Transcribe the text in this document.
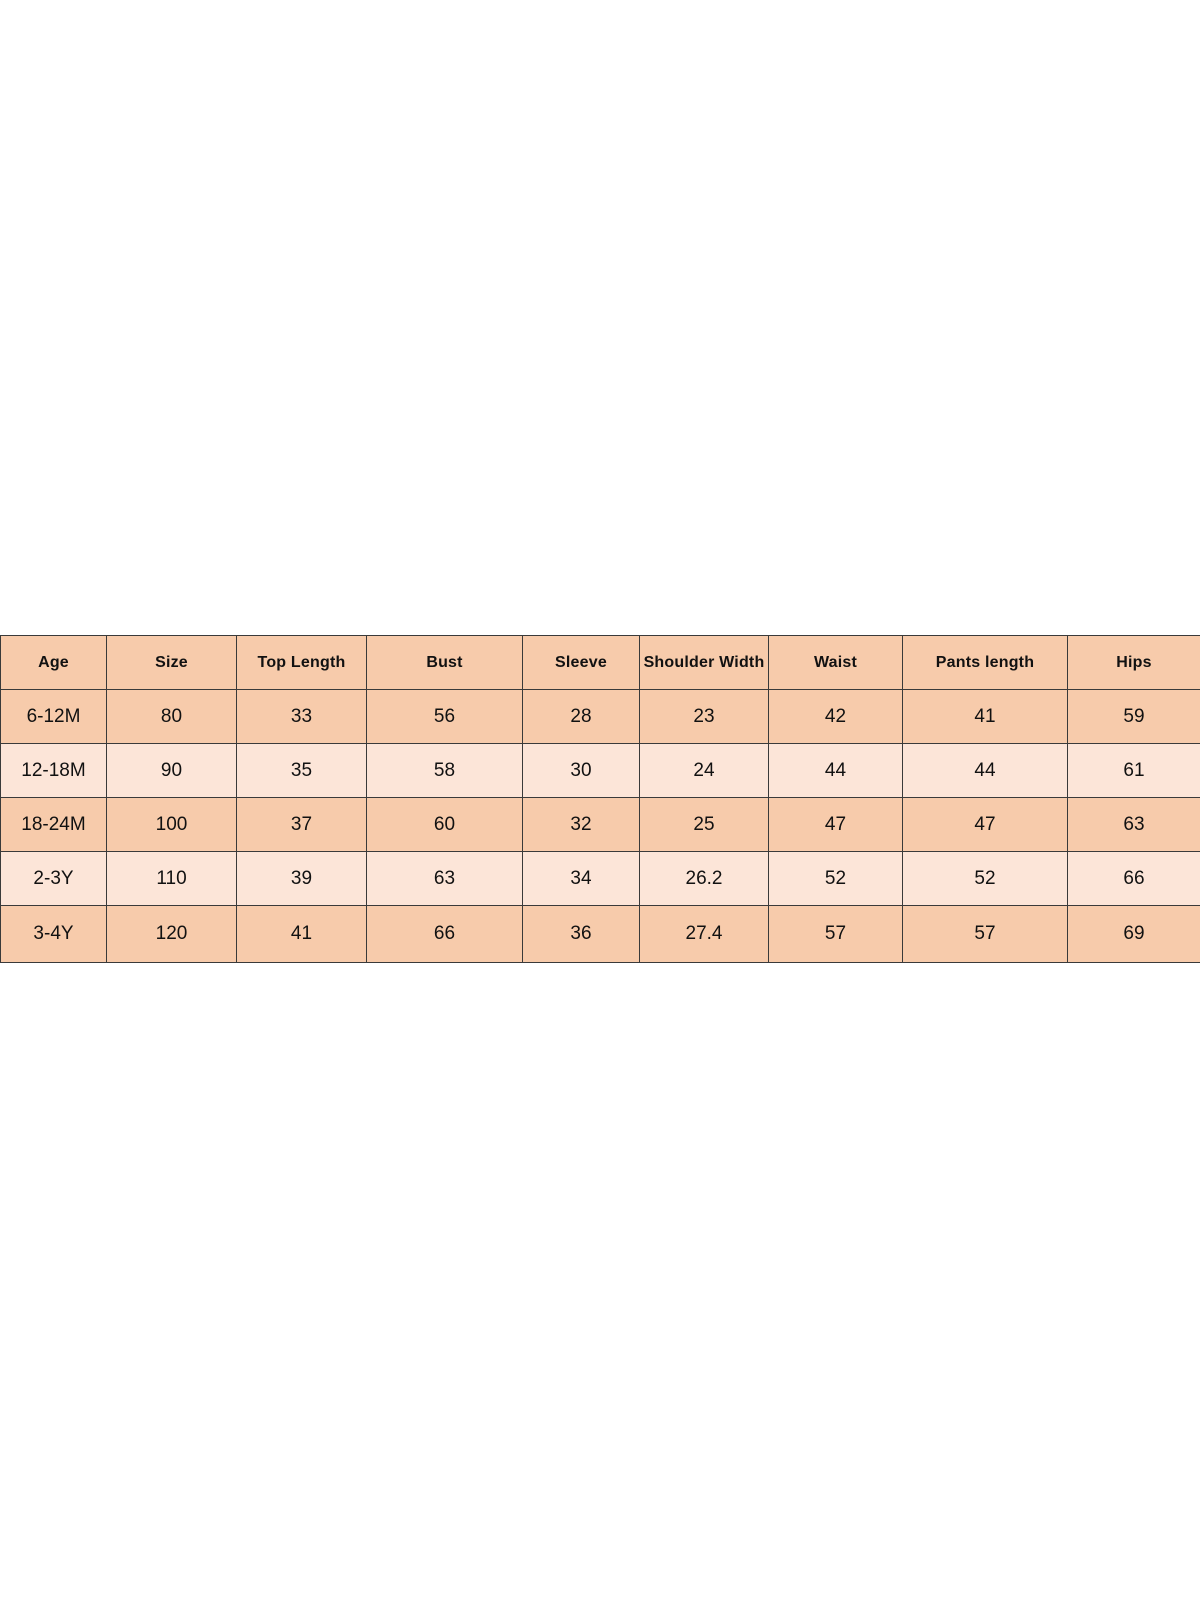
Age	Size	Top Length	Bust	Sleeve	Shoulder Width	Waist	Pants length	Hips
6-12M	80	33	56	28	23	42	41	59
12-18M	90	35	58	30	24	44	44	61
18-24M	100	37	60	32	25	47	47	63
2-3Y	110	39	63	34	26.2	52	52	66
3-4Y	120	41	66	36	27.4	57	57	69
